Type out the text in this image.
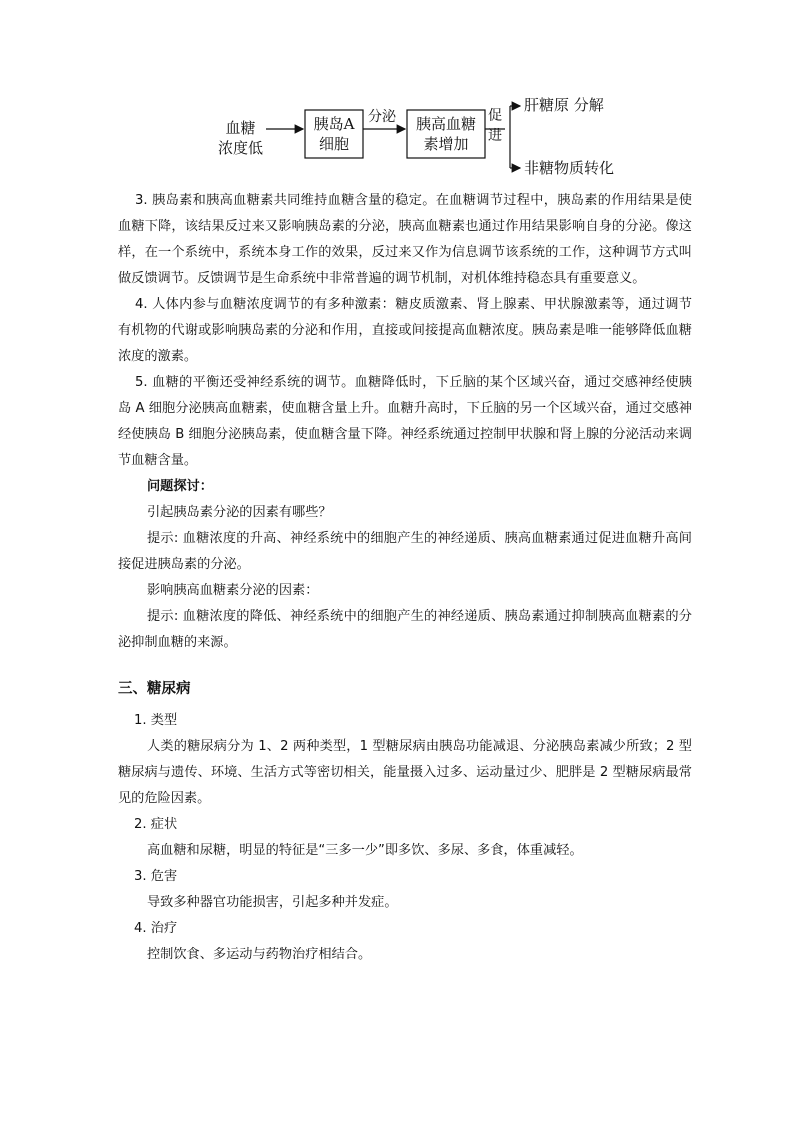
血糖
浓度低
胰岛A
细胞
分泌	胰高血糖
素增加
促
进
肝糖原 分解
非糖物质转化

3. 胰岛素和胰高血糖素共同维持血糖含量的稳定。在血糖调节过程中，胰岛素的作用结果是使血糖下降，该结果反过来又影响胰岛素的分泌，胰高血糖素也通过作用结果影响自身的分泌。像这样，在一个系统中，系统本身工作的效果，反过来又作为信息调节该系统的工作，这种调节方式叫做反馈调节。反馈调节是生命系统中非常普遍的调节机制，对机体维持稳态具有重要意义。

4. 人体内参与血糖浓度调节的有多种激素：糖皮质激素、肾上腺素、甲状腺激素等，通过调节有机物的代谢或影响胰岛素的分泌和作用，直接或间接提高血糖浓度。胰岛素是唯一能够降低血糖浓度的激素。

5. 血糖的平衡还受神经系统的调节。血糖降低时，下丘脑的某个区域兴奋，通过交感神经使胰岛 A 细胞分泌胰高血糖素，使血糖含量上升。血糖升高时，下丘脑的另一个区域兴奋，通过交感神经使胰岛 B 细胞分泌胰岛素，使血糖含量下降。神经系统通过控制甲状腺和肾上腺的分泌活动来调节血糖含量。

问题探讨：

引起胰岛素分泌的因素有哪些？

提示: 血糖浓度的升高、神经系统中的细胞产生的神经递质、胰高血糖素通过促进血糖升高间接促进胰岛素的分泌。

影响胰高血糖素分泌的因素：

提示: 血糖浓度的降低、神经系统中的细胞产生的神经递质、胰岛素通过抑制胰高血糖素的分泌抑制血糖的来源。

三、糖尿病

1. 类型

人类的糖尿病分为 1、2 两种类型，1 型糖尿病由胰岛功能减退、分泌胰岛素减少所致；2 型糖尿病与遗传、环境、生活方式等密切相关，能量摄入过多、运动量过少、肥胖是 2 型糖尿病最常见的危险因素。

2. 症状

高血糖和尿糖，明显的特征是“三多一少”即多饮、多尿、多食，体重减轻。

3. 危害

导致多种器官功能损害，引起多种并发症。

4. 治疗

控制饮食、多运动与药物治疗相结合。
